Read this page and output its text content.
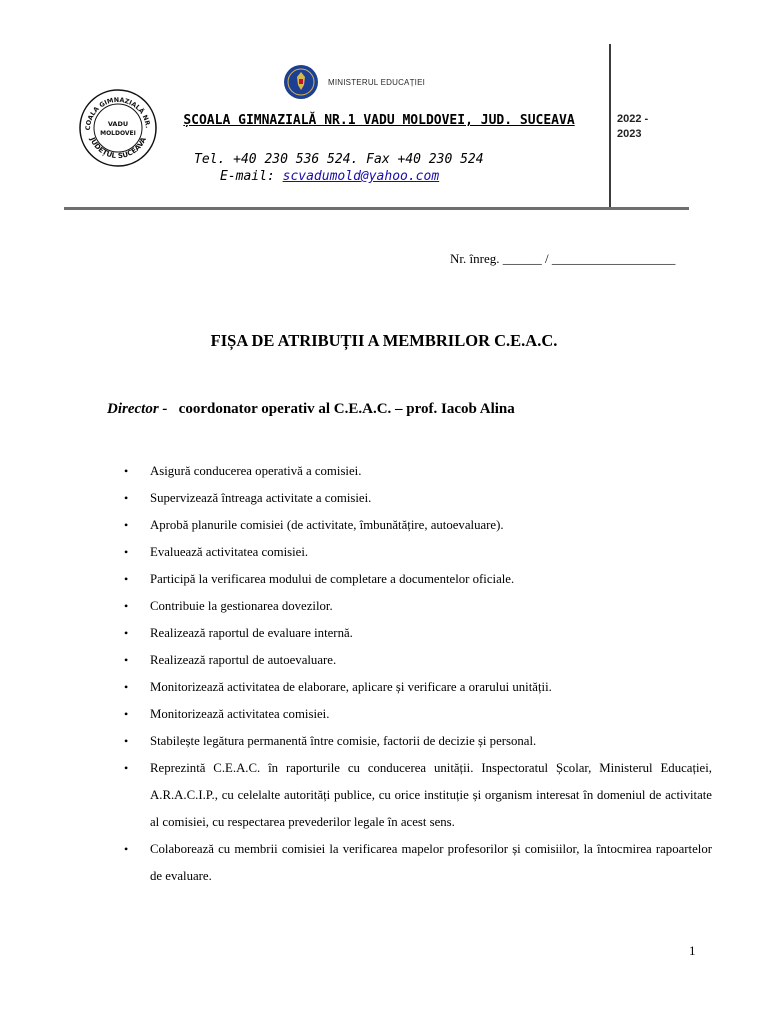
COALA GIMNAZIALĂ NR.
JUDEȚUL SUCEAVA
VADU
MOLDOVEI
MINISTERUL EDUCAȚIEI
ȘCOALA GIMNAZIALĂ NR.1 VADU MOLDOVEI, JUD. SUCEAVA
Tel. +40 230 536 524. Fax +40 230 524
E-mail: scvadumold@yahoo.com
2022 - 2023
Nr. înreg. ______ / ___________________
FIȘA DE ATRIBUȚII A MEMBRILOR C.E.A.C.
Director - coordonator operativ al C.E.A.C. – prof. Iacob Alina
• Asigură conducerea operativă a comisiei.
• Supervizează întreaga activitate a comisiei.
• Aprobă planurile comisiei (de activitate, îmbunătățire, autoevaluare).
• Evaluează activitatea comisiei.
• Participă la verificarea modului de completare a documentelor oficiale.
• Contribuie la gestionarea dovezilor.
• Realizează raportul de evaluare internă.
• Realizează raportul de autoevaluare.
• Monitorizează activitatea de elaborare, aplicare și verificare a orarului unității.
• Monitorizează activitatea comisiei.
• Stabilește legătura permanentă între comisie, factorii de decizie și personal.
• Reprezintă C.E.A.C. în raporturile cu conducerea unității. Inspectoratul Școlar, Ministerul Educației, A.R.A.C.I.P., cu celelalte autorități publice, cu orice instituție și organism interesat în domeniul de activitate al comisiei, cu respectarea prevederilor legale în acest sens.
• Colaborează cu membrii comisiei la verificarea mapelor profesorilor și comisiilor, la întocmirea rapoartelor de evaluare.
1
